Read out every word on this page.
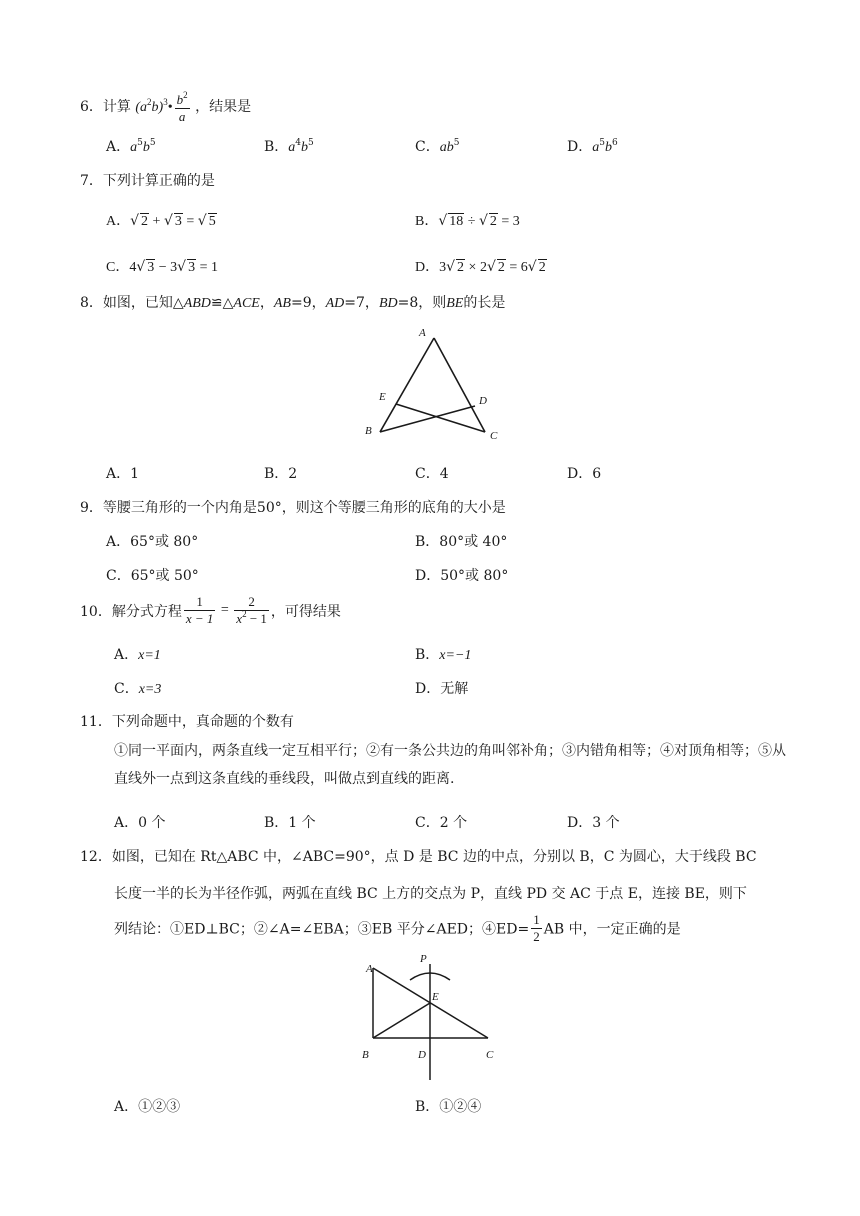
6．计算 $(a^2b)^3• \frac{b^2}{a}$ ，结果是
A．$a^5b^5$	B．$a^4b^5$	C．$ab^5$	D．$a^5b^6$
7．下列计算正确的是
A．√ 2 + √ 3 = √ 5	B．√ 18 ÷ √ 2 = 3
C．4√ 3 − 3√ 3 = 1	D．3√ 2 × 2√ 2 = 6√ 2
8．如图，已知△ABD≌△ACE，AB=9，AD=7，BD=8，则BE的长是
A
B	C
D
E
A．1	B．2	C．4	D．6
9．等腰三角形的一个内角是50°，则这个等腰三角形的底角的大小是
A．65°或 80°	B．80°或 40°
C．65°或 50°	D．50°或 80°
10．解分式方程 $\frac{1}{x - 1} = \frac{2}{x^2 - 1}$ ，可得结果
A．x=1	B．x=−1
C．x=3	D．无解
11．下列命题中，真命题的个数有
①同一平面内，两条直线一定互相平行；②有一条公共边的角叫邻补角；③内错角相等；④对顶角相等；⑤从直线外一点到这条直线的垂线段，叫做点到直线的距离.
A．0 个	B．1 个	C．2 个	D．3 个
12．如图，已知在 Rt△ABC 中，∠ABC=90°，点 D 是 BC 边的中点，分别以 B，C 为圆心，大于线段 BC
长度一半的长为半径作弧，两弧在直线 BC 上方的交点为 P，直线 PD 交 AC 于点 E，连接 BE，则下
列结论：①ED⊥BC；②∠A=∠EBA；③EB 平分∠AED；④ED= $\frac{1}{2}$ AB 中，一定正确的是
A
B	C
D
E
P
A．①②③	B．①②④
